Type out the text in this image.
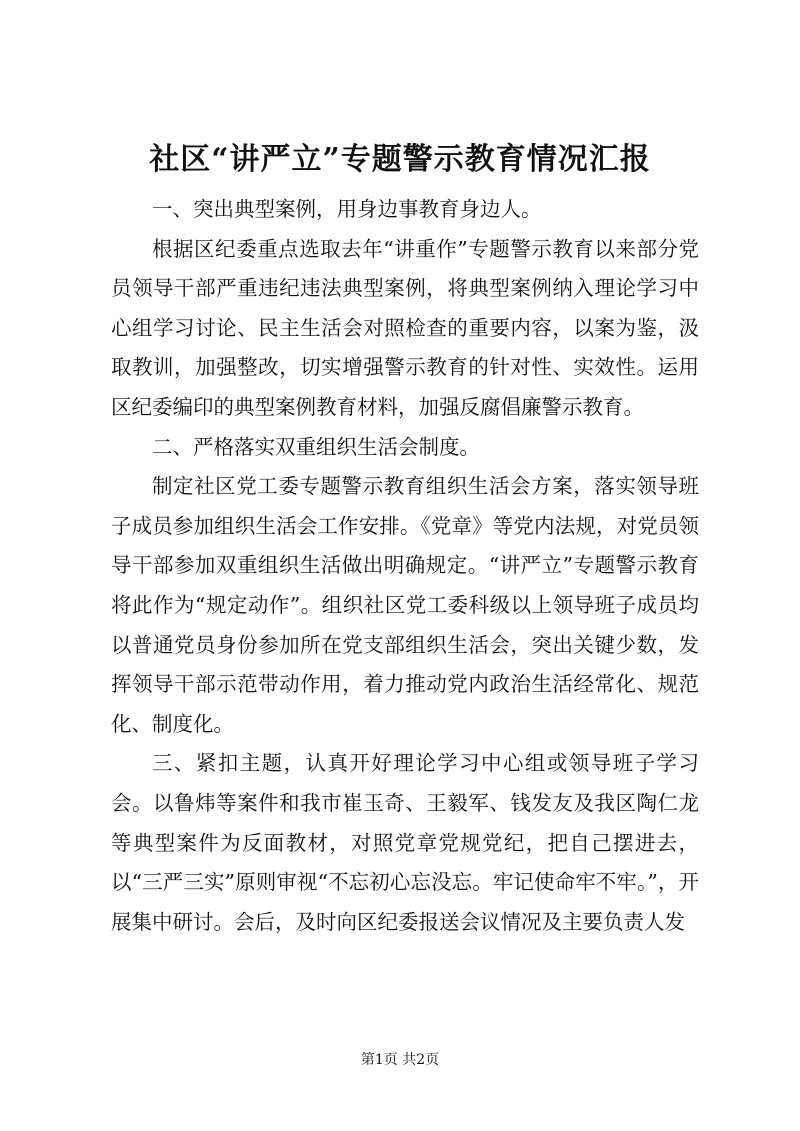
社区“讲严立”专题警示教育情况汇报

一、突出典型案例，用身边事教育身边人。

根据区纪委重点选取去年“讲重作”专题警示教育以来部分党员领导干部严重违纪违法典型案例，将典型案例纳入理论学习中心组学习讨论、民主生活会对照检查的重要内容，以案为鉴，汲取教训，加强整改，切实增强警示教育的针对性、实效性。运用区纪委编印的典型案例教育材料，加强反腐倡廉警示教育。

二、严格落实双重组织生活会制度。

制定社区党工委专题警示教育组织生活会方案，落实领导班子成员参加组织生活会工作安排。《党章》等党内法规，对党员领导干部参加双重组织生活做出明确规定。“讲严立”专题警示教育将此作为“规定动作”。组织社区党工委科级以上领导班子成员均以普通党员身份参加所在党支部组织生活会，突出关键少数，发挥领导干部示范带动作用，着力推动党内政治生活经常化、规范化、制度化。

三、紧扣主题，认真开好理论学习中心组或领导班子学习会。以鲁炜等案件和我市崔玉奇、王毅军、钱发友及我区陶仁龙等典型案件为反面教材，对照党章党规党纪，把自己摆进去，以“三严三实”原则审视“不忘初心忘没忘。牢记使命牢不牢。”，开展集中研讨。会后，及时向区纪委报送会议情况及主要负责人发

第1页 共2页
